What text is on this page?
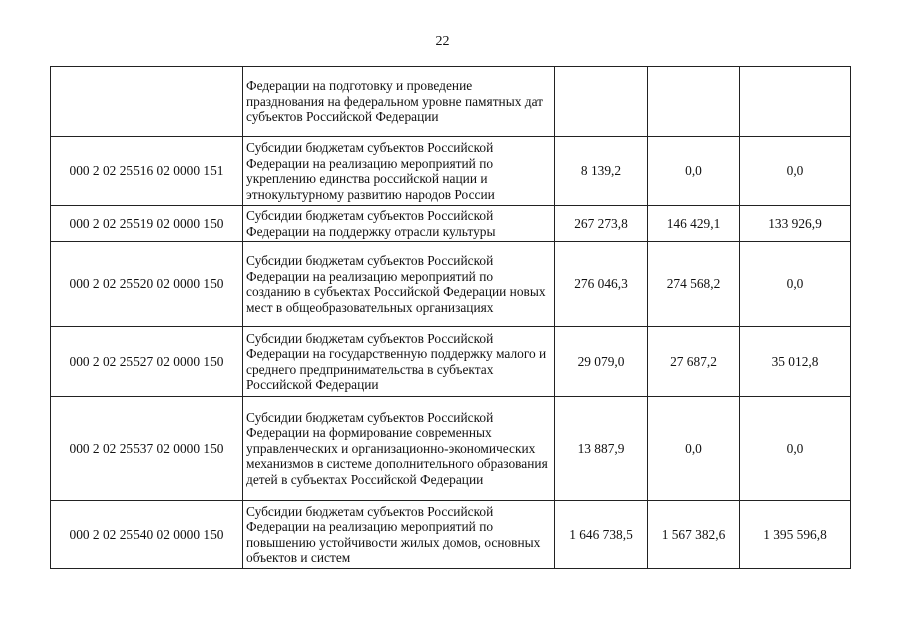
22
	Федерации на подготовку и проведение празднования на федеральном уровне памятных дат субъектов Российской Федерации			
000 2 02 25516 02 0000 151	Субсидии бюджетам субъектов Российской Федерации на реализацию мероприятий по укреплению единства российской нации и этнокультурному развитию народов России	8 139,2	0,0	0,0
000 2 02 25519 02 0000 150	Субсидии бюджетам субъектов Российской Федерации на поддержку отрасли культуры	267 273,8	146 429,1	133 926,9
000 2 02 25520 02 0000 150	Субсидии бюджетам субъектов Российской Федерации на реализацию мероприятий по созданию в субъектах Российской Федерации новых мест в общеобразовательных организациях	276 046,3	274 568,2	0,0
000 2 02 25527 02 0000 150	Субсидии бюджетам субъектов Российской Федерации на государственную поддержку малого и среднего предпринимательства в субъектах Российской Федерации	29 079,0	27 687,2	35 012,8
000 2 02 25537 02 0000 150	Субсидии бюджетам субъектов Российской Федерации на формирование современных управленческих и организационно-экономических механизмов в системе дополнительного образования детей в субъектах Российской Федерации	13 887,9	0,0	0,0
000 2 02 25540 02 0000 150	Субсидии бюджетам субъектов Российской Федерации на реализацию мероприятий по повышению устойчивости жилых домов, основных объектов и систем	1 646 738,5	1 567 382,6	1 395 596,8
